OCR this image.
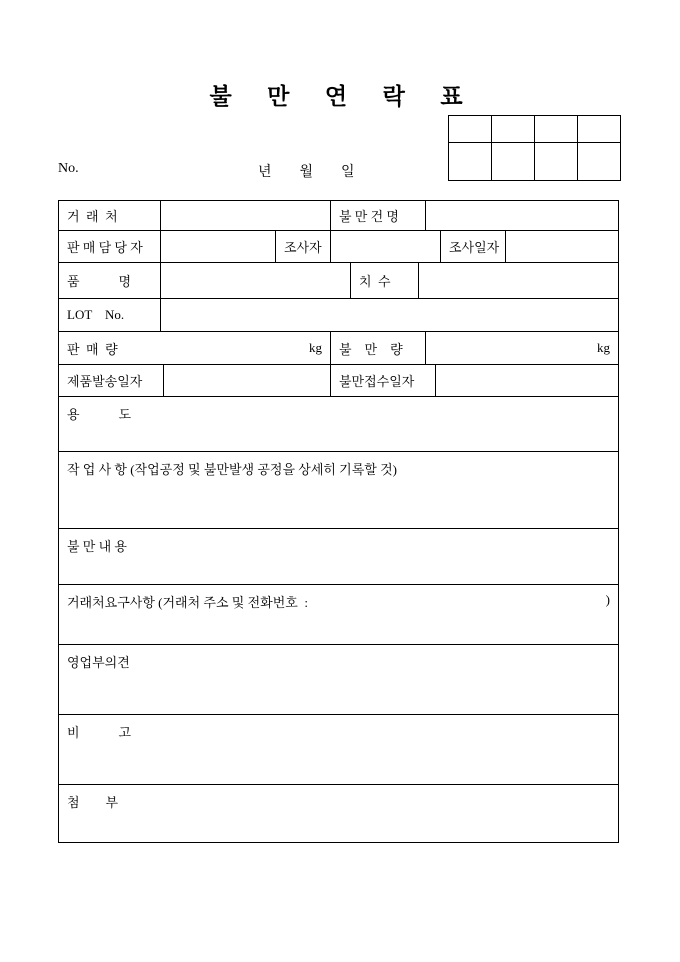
불  만  연  락  표

No.	년        월        일
거  래  처	불 만 건 명
판 매 담 당 자	조사자	조사일자
품            명	치  수
LOT    No.
판  매  량	kg	불    만    량	kg
제품발송일자	불만접수일자
용            도
작 업 사 항 (작업공정 및 불만발생 공정을 상세히 기록할 것)
불 만 내 용
거래처요구사항 (거래처 주소 및 전화번호  :	)
영업부의견
비            고
첨        부
